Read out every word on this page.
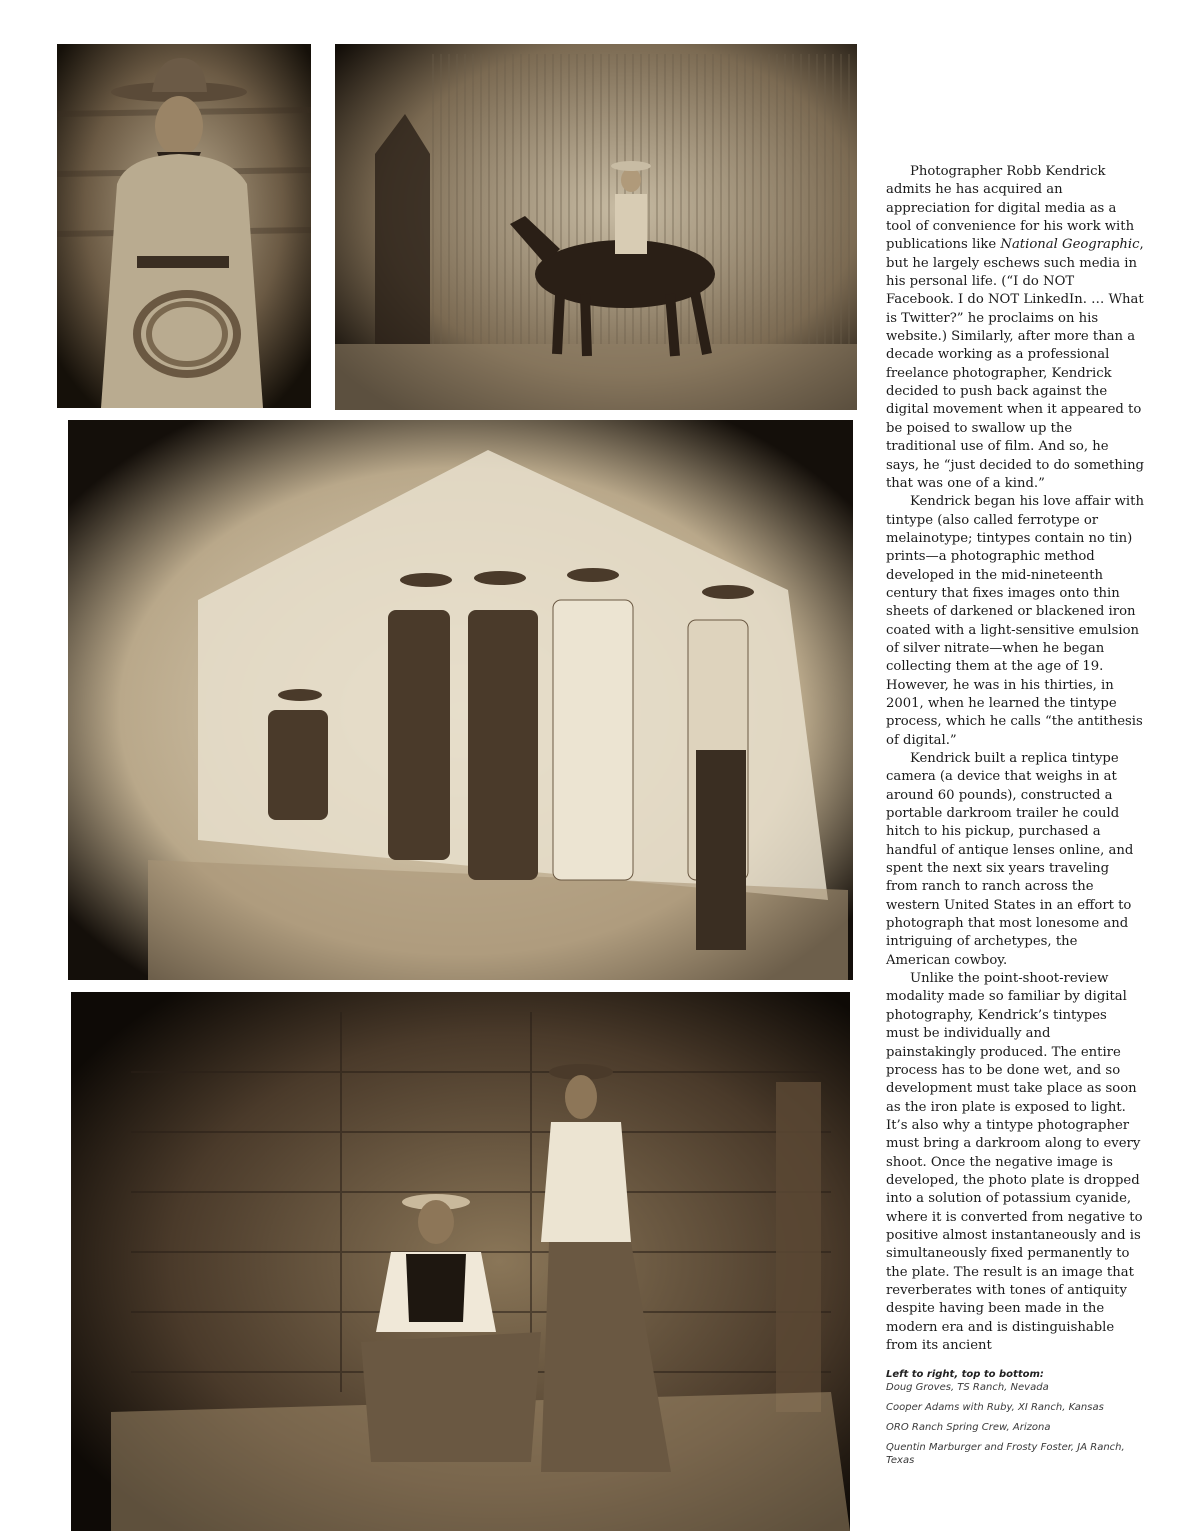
Photographer Robb Kendrick admits he has acquired an appreciation for digital media as a tool of convenience for his work with publications like National Geographic, but he largely eschews such media in his personal life. (“I do NOT Facebook. I do NOT LinkedIn. … What is Twitter?” he proclaims on his website.) Similarly, after more than a decade working as a professional freelance photographer, Kendrick decided to push back against the digital movement when it appeared to be poised to swallow up the traditional use of film. And so, he says, he “just decided to do something that was one of a kind.”

Kendrick began his love affair with tintype (also called ferrotype or melainotype; tintypes contain no tin) prints—a photographic method developed in the mid-nineteenth century that fixes images onto thin sheets of darkened or blackened iron coated with a light-sensitive emulsion of silver nitrate—when he began collecting them at the age of 19. However, he was in his thirties, in 2001, when he learned the tintype process, which he calls “the antithesis of digital.”

Kendrick built a replica tintype camera (a device that weighs in at around 60 pounds), constructed a portable darkroom trailer he could hitch to his pickup, purchased a handful of antique lenses online, and spent the next six years traveling from ranch to ranch across the western United States in an effort to photograph that most lonesome and intriguing of archetypes, the American cowboy.

Unlike the point-shoot-review modality made so familiar by digital photography, Kendrick’s tintypes must be individually and painstakingly produced. The entire process has to be done wet, and so development must take place as soon as the iron plate is exposed to light. It’s also why a tintype photographer must bring a darkroom along to every shoot. Once the negative image is developed, the photo plate is dropped into a solution of potassium cyanide, where it is converted from negative to positive almost instantaneously and is simultaneously fixed permanently to the plate. The result is an image that reverberates with tones of antiquity despite having been made in the modern era and is distinguishable from its ancient

Left to right, top to bottom:
Doug Groves, TS Ranch, Nevada
Cooper Adams with Ruby, XI Ranch, Kansas
ORO Ranch Spring Crew, Arizona
Quentin Marburger and Frosty Foster, JA Ranch, Texas
